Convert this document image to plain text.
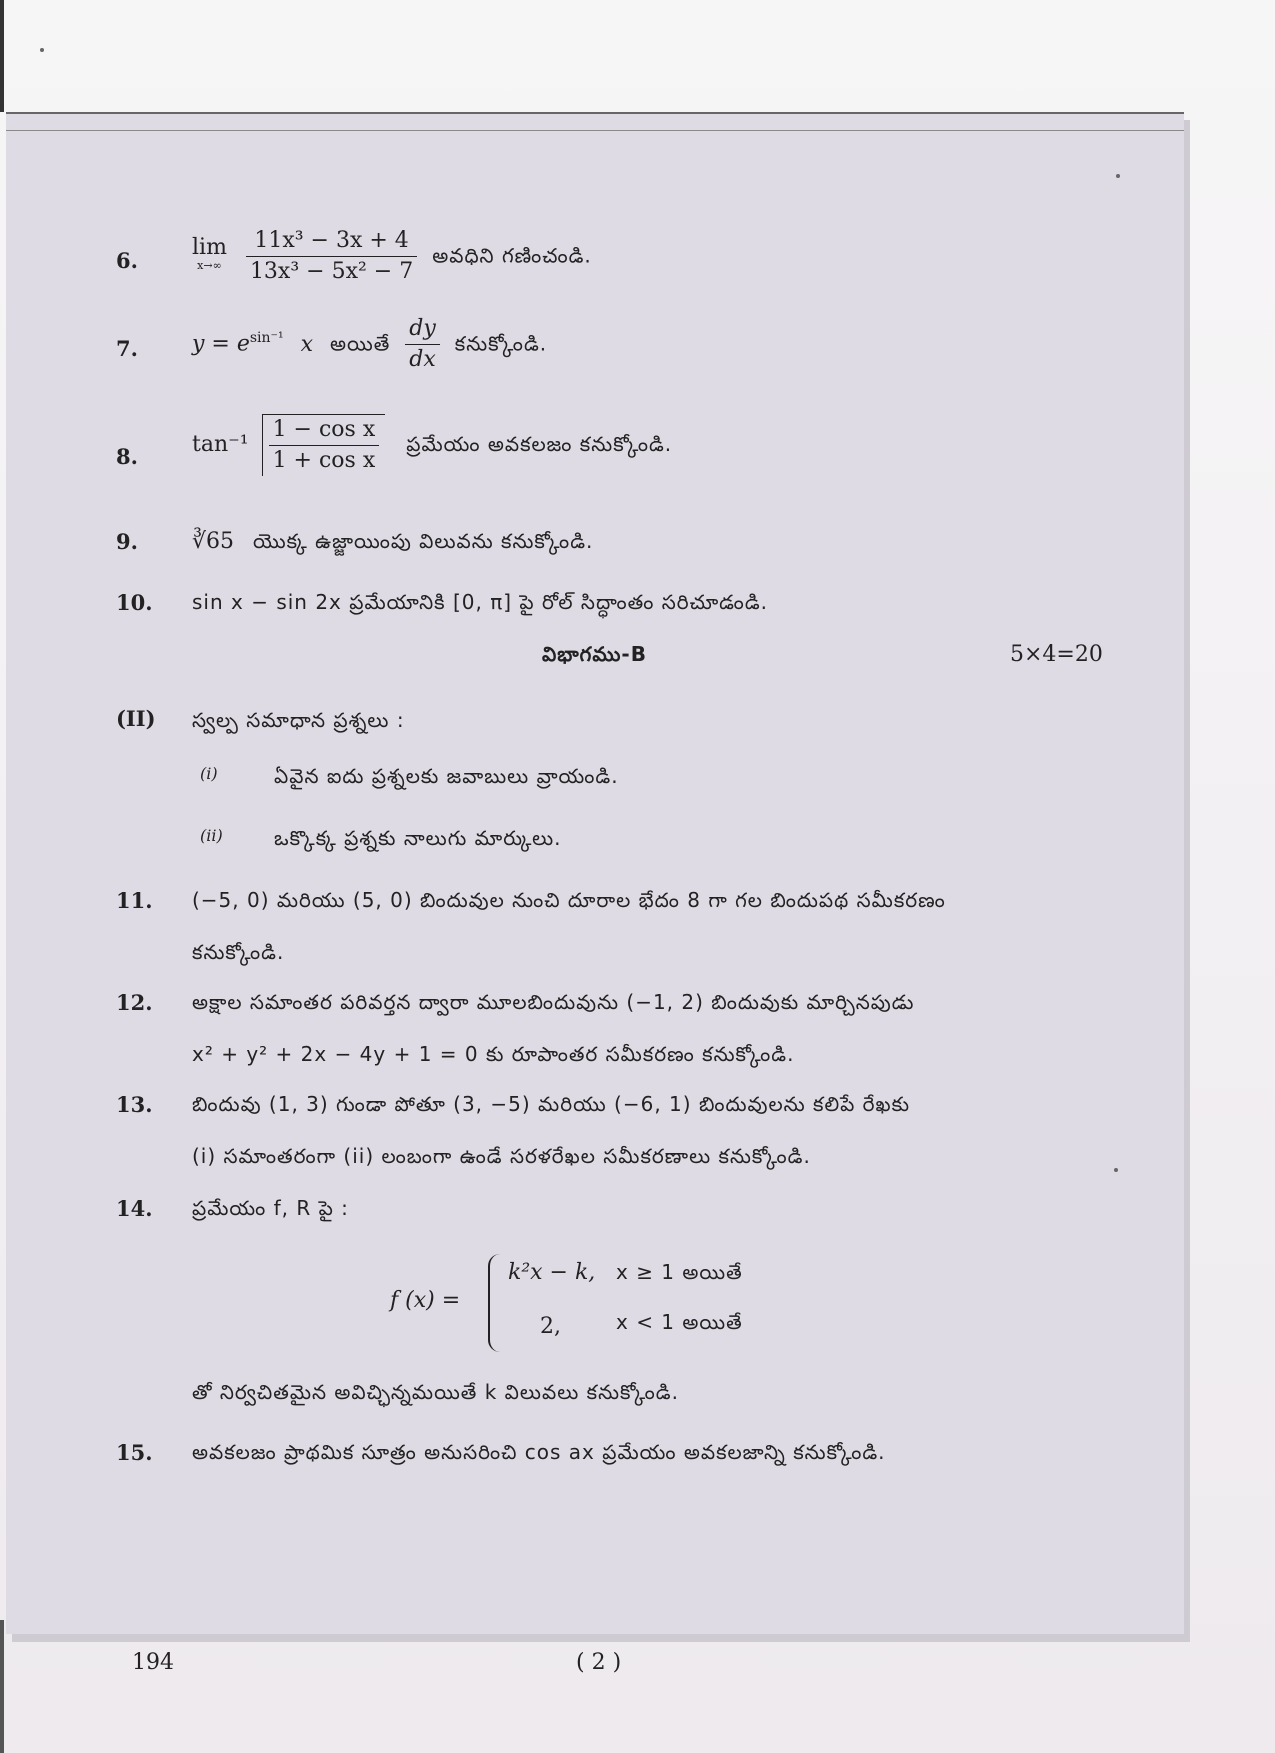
6.
lim
x→∞
$\frac{\text{11x³ − 3x + 4}}{\text{13x³ − 5x² − 7}}$ అవధిని గణించండి.
7. $y = e^{sin^{-1}}$ x అయితే $\frac{dy}{dx}$ కనుక్కోండి.
8. $\tan^{-1} \frac{\text{1 − cos x}}{\text{1 + cos x}}$ ప్రమేయం అవకలజం కనుక్కోండి.
9. ∛65 యొక్క ఉజ్జాయింపు విలువను కనుక్కోండి.
10. sin x − sin 2x ప్రమేయానికి [0, π] పై రోల్ సిద్ధాంతం సరిచూడండి.
విభాగము-B	5×4=20
(II) స్వల్ప సమాధాన ప్రశ్నలు :
(i)	ఏవైన ఐదు ప్రశ్నలకు జవాబులు వ్రాయండి.
(ii)	ఒక్కొక్క ప్రశ్నకు నాలుగు మార్కులు.
11. (−5, 0) మరియు (5, 0) బిందువుల నుంచి దూరాల భేదం 8 గా గల బిందుపథ సమీకరణం
కనుక్కోండి.
12. అక్షాల సమాంతర పరివర్తన ద్వారా మూలబిందువును (−1, 2) బిందువుకు మార్చినపుడు
x² + y² + 2x − 4y + 1 = 0 కు రూపాంతర సమీకరణం కనుక్కోండి.
13. బిందువు (1, 3) గుండా పోతూ (3, −5) మరియు (−6, 1) బిందువులను కలిపే రేఖకు
(i) సమాంతరంగా (ii) లంబంగా ఉండే సరళరేఖల సమీకరణాలు కనుక్కోండి.
14. ప్రమేయం f, R పై :
f (x) =
k²x − k, x ≥ 1 అయితే
2,	x < 1 అయితే
తో నిర్వచితమైన అవిచ్ఛిన్నమయితే k విలువలు కనుక్కోండి.
15. అవకలజం ప్రాథమిక సూత్రం అనుసరించి cos ax ప్రమేయం అవకలజాన్ని కనుక్కోండి.
194	( 2 )
